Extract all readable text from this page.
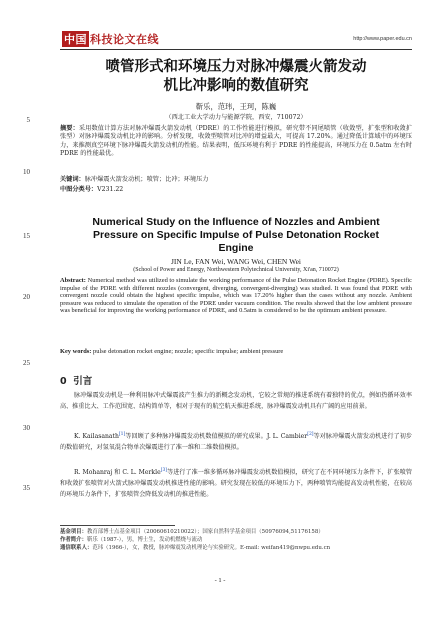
中国 科技论文在线	http://www.paper.edu.cn
5
10
15
20
25
30
35
喷管形式和环境压力对脉冲爆震火箭发动
机比冲影响的数值研究
靳乐，范玮，王珂，陈巍
（西北工业大学动力与能源学院，西安，710072）
摘要：采用数值计算方法对脉冲爆震火箭发动机（PDRE）的工作性能进行模拟，研究带不同尾喷管（收敛型，扩张型和收敛扩张型）对脉冲爆震发动机比冲的影响。分析发现，收敛型喷管对比冲的增益最大，可提高 17.20%。通过降低计算域中的环境压力，来推测真空环境下脉冲爆震火箭发动机的性能。结果表明，低压环境有利于 PDRE 的性能提高，环境压力在 0.5atm 左右时 PDRE 的性能最优。
关键词：脉冲爆震火箭发动机；喷管；比冲；环境压力
中图分类号：V231.22
Numerical Study on the Influence of Nozzles and Ambient
Pressure on Specific Impulse of Pulse Detonation Rocket
Engine
JIN Le, FAN Wei, WANG Wei, CHEN Wei
(School of Power and Energy, Northwestern Polytechnical University, Xi'an, 710072)
Abstract: Numerical method was utilized to simulate the working performance of the Pulse Detonation Rocket Engine (PDRE). Specific impulse of the PDRE with different nozzles (convergent, diverging, convergent-diverging) was studied. It was found that PDRE with convergent nozzle could obtain the highest specific impulse, which was 17.20% higher than the cases without any nozzle. Ambient pressure was reduced to simulate the operation of the PDRE under vacuum condition. The results showed that the low ambient pressure was beneficial for improving the working performance of PDRE, and 0.5atm is considered to be the optimum ambient pressure.
Key words: pulse detonation rocket engine; nozzle; specific impulse; ambient pressure
0 引言
脉冲爆震发动机是一种利用脉冲式爆震波产生推力的新概念发动机，它较之常规的推进系统有着独特的优点，例如热循环效率高、推重比大、工作范围宽、结构简单等，相对于现有的航空航天推进系统，脉冲爆震发动机具有广阔的应用前景。
K. Kailasanath[1]等回顾了多种脉冲爆震发动机数值模拟的研究成果。J. L. Cambier[2]等对脉冲爆震火箭发动机进行了初步的数值研究，对氢氧混合物单次爆震进行了准一维和二维数值模拟。
R. Mohanraj 和 C. L. Merkle[3]等进行了准一维多循环脉冲爆震发动机数值模拟，研究了在不同环境压力条件下，扩张喷管和收敛扩张喷管对火箭式脉冲爆震发动机推进性能的影响。研究发现在较低的环境压力下，两种喷管均能提高发动机性能，在较高的环境压力条件下，扩张喷管会降低发动机的推进性能。
基金项目：教育部博士点基金项目（20060610210022）；国家自然科学基金项目（50976094,51176158）
作者简介：靳乐（1987-），男，博士生，发动机燃烧与流动
通信联系人：范玮（1966-），女，教授，脉冲爆震发动机理论与实验研究。E-mail: weifan419@nwpu.edu.cn
- 1 -
